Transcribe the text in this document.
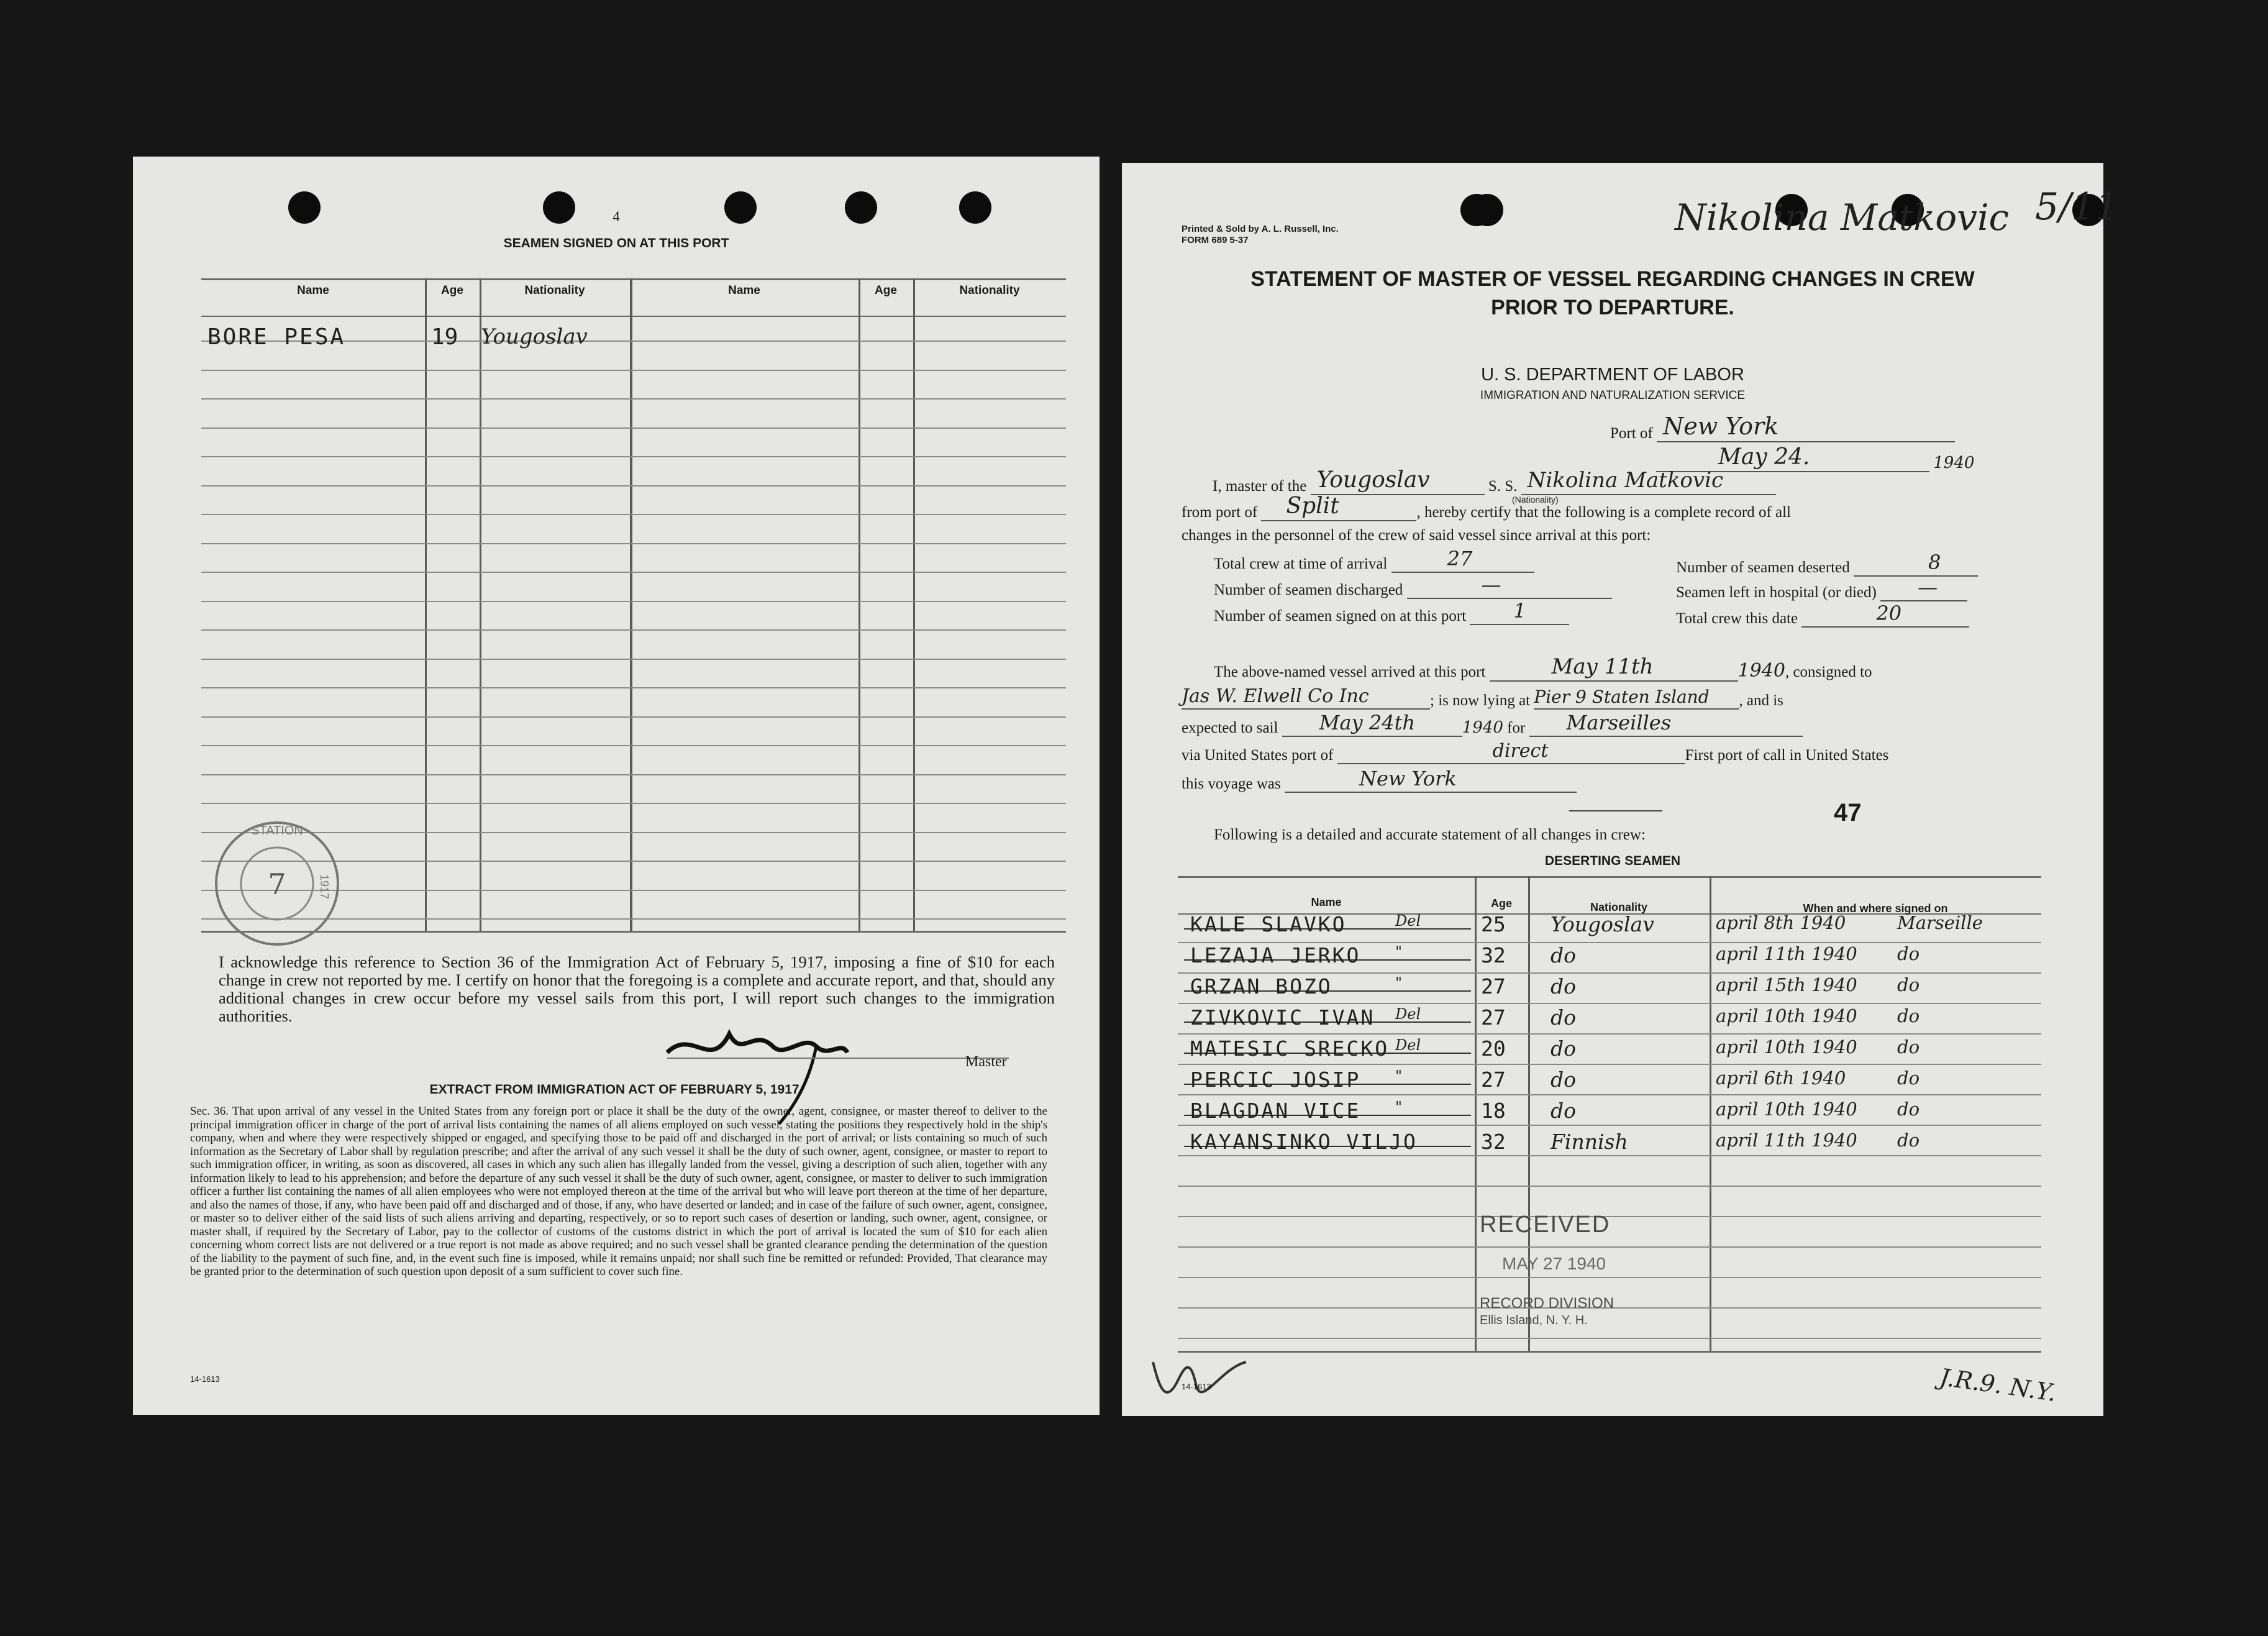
4
SEAMEN SIGNED ON AT THIS PORT
Name	Age	Nationality	Name	Age	Nationality
BORE PESA	19 Yougoslav
STATION
7	1917
I acknowledge this reference to Section 36 of the Immigration Act of February 5, 1917, imposing a fine of $10 for each change in crew not reported by me. I certify on honor that the foregoing is a complete and accurate report, and that, should any additional changes in crew occur before my vessel sails from this port, I will report such changes to the immigration authorities.
Master
EXTRACT FROM IMMIGRATION ACT OF FEBRUARY 5, 1917.
Sec. 36. That upon arrival of any vessel in the United States from any foreign port or place it shall be the duty of the owner, agent, consignee, or master thereof to deliver to the principal immigration officer in charge of the port of arrival lists containing the names of all aliens employed on such vessel, stating the positions they respectively hold in the ship's company, when and where they were respectively shipped or engaged, and specifying those to be paid off and discharged in the port of arrival; or lists containing so much of such information as the Secretary of Labor shall by regulation prescribe; and after the arrival of any such vessel it shall be the duty of such owner, agent, consignee, or master to report to such immigration officer, in writing, as soon as discovered, all cases in which any such alien has illegally landed from the vessel, giving a description of such alien, together with any information likely to lead to his apprehension; and before the departure of any such vessel it shall be the duty of such owner, agent, consignee, or master to deliver to such immigration officer a further list containing the names of all alien employees who were not employed thereon at the time of the arrival but who will leave port thereon at the time of her departure, and also the names of those, if any, who have been paid off and discharged and of those, if any, who have deserted or landed; and in case of the failure of such owner, agent, consignee, or master so to deliver either of the said lists of such aliens arriving and departing, respectively, or so to report such cases of desertion or landing, such owner, agent, consignee, or master shall, if required by the Secretary of Labor, pay to the collector of customs of the customs district in which the port of arrival is located the sum of $10 for each alien concerning whom correct lists are not delivered or a true report is not made as above required; and no such vessel shall be granted clearance pending the determination of the question of the liability to the payment of such fine, and, in the event such fine is imposed, while it remains unpaid; nor shall such fine be remitted or refunded: Provided, That clearance may be granted prior to the determination of such question upon deposit of a sum sufficient to cover such fine.
14-1613
Printed & Sold by A. L. Russell, Inc.
FORM 689 5-37
Nikolina Matkovic 5/11
STATEMENT OF MASTER OF VESSEL REGARDING CHANGES IN CREW
PRIOR TO DEPARTURE.
U. S. DEPARTMENT OF LABOR
IMMIGRATION AND NATURALIZATION SERVICE
Port of New York
May 24.	1940
I, master of the Yougoslav	S. S. Nikolina Matkovic
(Nationality)
from port of Split	, hereby certify that the following is a complete record of all
changes in the personnel of the crew of said vessel since arrival at this port:
Total crew at time of arrival	27	Number of seamen deserted	8
Number of seamen discharged	—	Seamen left in hospital (or died) —
Number of seamen signed on at this port 1	Total crew this date	20
The above-named vessel arrived at this port	May 11th	1940, consigned to
Jas W. Elwell Co Inc	; is now lying at Pier 9 Staten Island , and is
expected to sail May 24th	1940 for Marseilles
via United States port of	direct	First port of call in United States
this voyage was	New York
47
Following is a detailed and accurate statement of all changes in crew:
DESERTING SEAMEN
Name	Age	Nationality	When and where signed on
KALE SLAVKO	Del	25 Yougoslav	april 8th 1940	Marseille
LEZAJA JERKO "	32 do	april 11th 1940 do
GRZAN BOZO	"	27 do	april 15th 1940 do
ZIVKOVIC IVAN Del	27 do	april 10th 1940 do
MATESIC SRECKO Del	20 do	april 10th 1940 do
PERCIC JOSIP "	27 do	april 6th 1940	do
BLAGDAN VICE "	18 do	april 10th 1940 do
KAYANSINKO VILJO	32 Finnish	april 11th 1940 do
RECEIVED
MAY 27 1940
RECORD DIVISION
Ellis Island, N. Y. H.
14-1613	J.R.9. N.Y.
